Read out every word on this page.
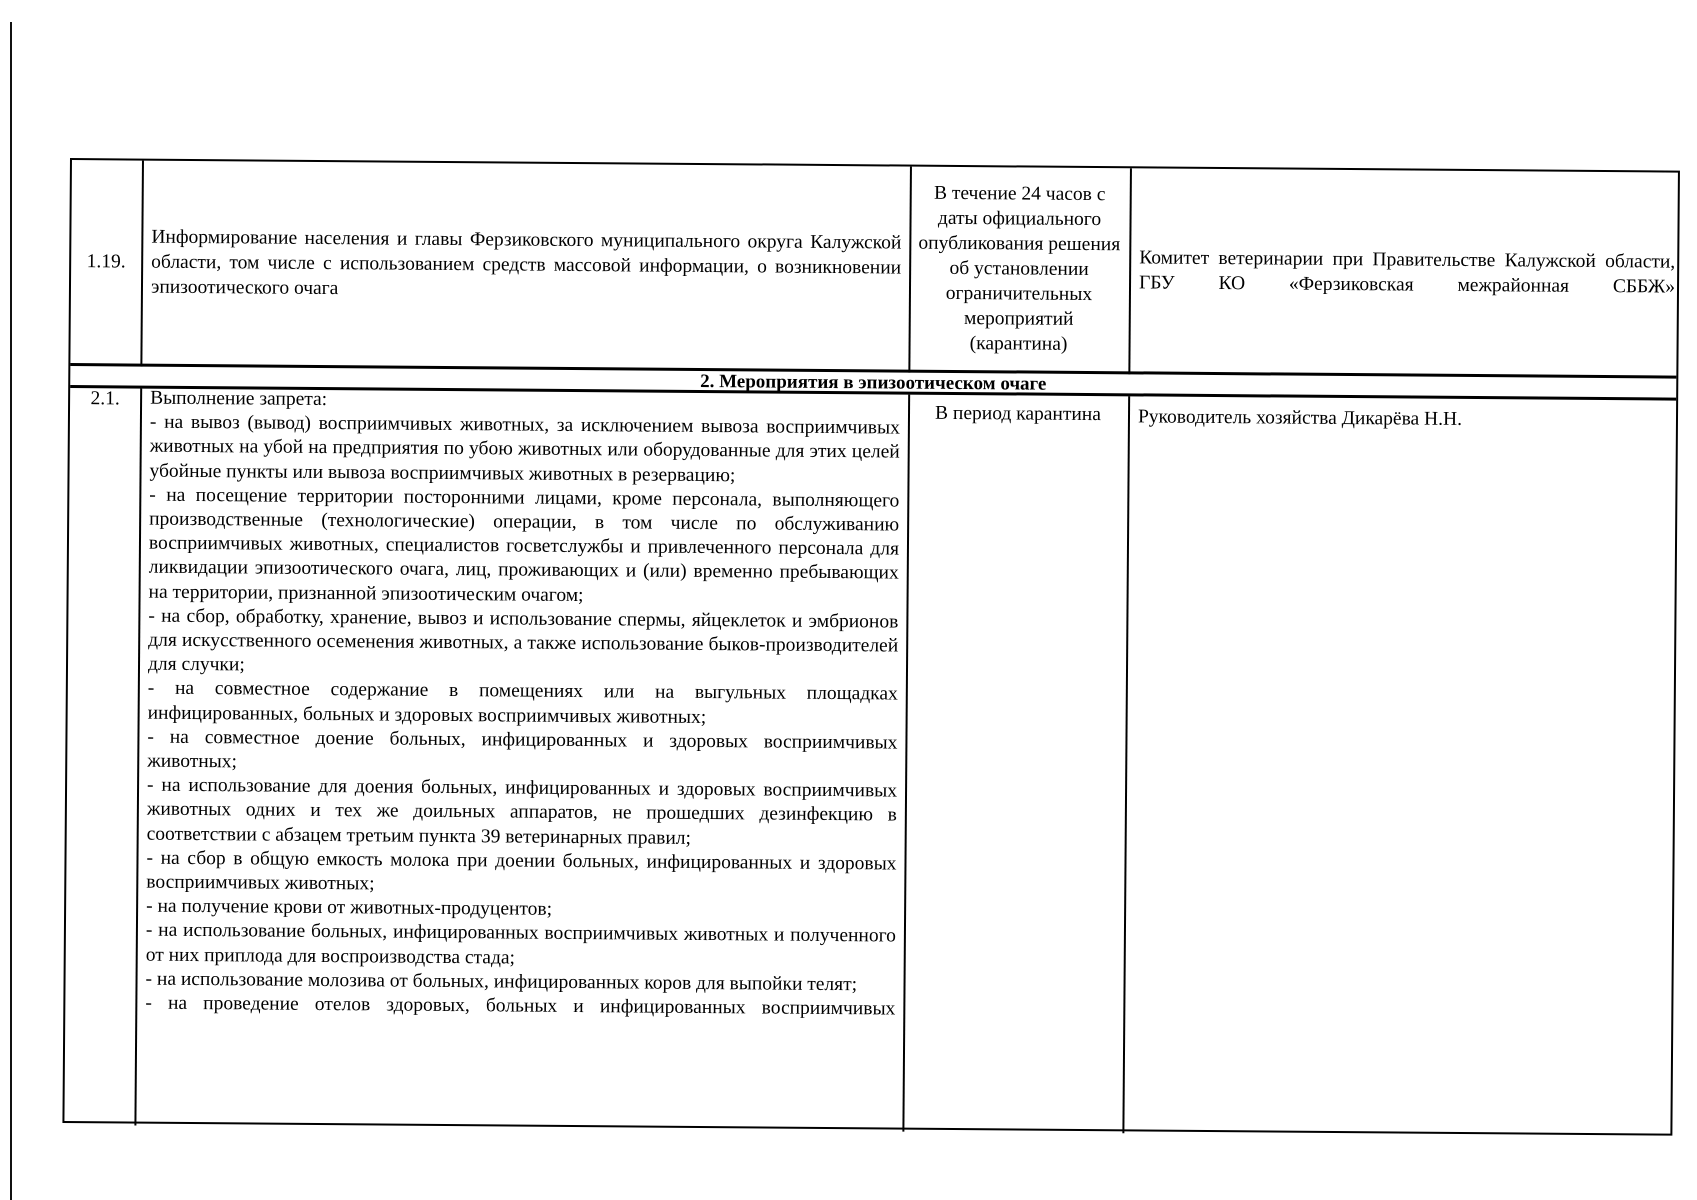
1.19.
Информирование населения и главы Ферзиковского муниципального округа Калужской области, том числе с использованием средств массовой информации, о возникновении эпизоотического очага
В течение 24 часов с даты официального опубликования решения об установлении ограничительных мероприятий (карантина)
Комитет ветеринарии при Правительстве Калужской области,
ГБУ КО «Ферзиковская межрайонная СББЖ»
2. Мероприятия в эпизоотическом очаге
2.1.	Выполнение запрета:
- на вывоз (вывод) восприимчивых животных, за исключением вывоза восприимчивых животных на убой на предприятия по убою животных или оборудованные для этих целей убойные пункты или вывоза восприимчивых животных в резервацию;
- на посещение территории посторонними лицами, кроме персонала, выполняющего производственные (технологические) операции, в том числе по обслуживанию восприимчивых животных, специалистов госветслужбы и привлеченного персонала для ликвидации эпизоотического очага, лиц, проживающих и (или) временно пребывающих на территории, признанной эпизоотическим очагом;
- на сбор, обработку, хранение, вывоз и использование спермы, яйцеклеток и эмбрионов для искусственного осеменения животных, а также использование быков-производителей для случки;
- на совместное содержание в помещениях или на выгульных площадках инфицированных, больных и здоровых восприимчивых животных;
- на совместное доение больных, инфицированных и здоровых восприимчивых животных;
- на использование для доения больных, инфицированных и здоровых восприимчивых животных одних и тех же доильных аппаратов, не прошедших дезинфекцию в соответствии с абзацем третьим пункта 39 ветеринарных правил;
- на сбор в общую емкость молока при доении больных, инфицированных и здоровых восприимчивых животных;
- на получение крови от животных-продуцентов;
- на использование больных, инфицированных восприимчивых животных и полученного от них приплода для воспроизводства стада;
- на использование молозива от больных, инфицированных коров для выпойки телят;
- на проведение отелов здоровых, больных и инфицированных восприимчивых
В период карантина	Руководитель хозяйства Дикарёва Н.Н.
